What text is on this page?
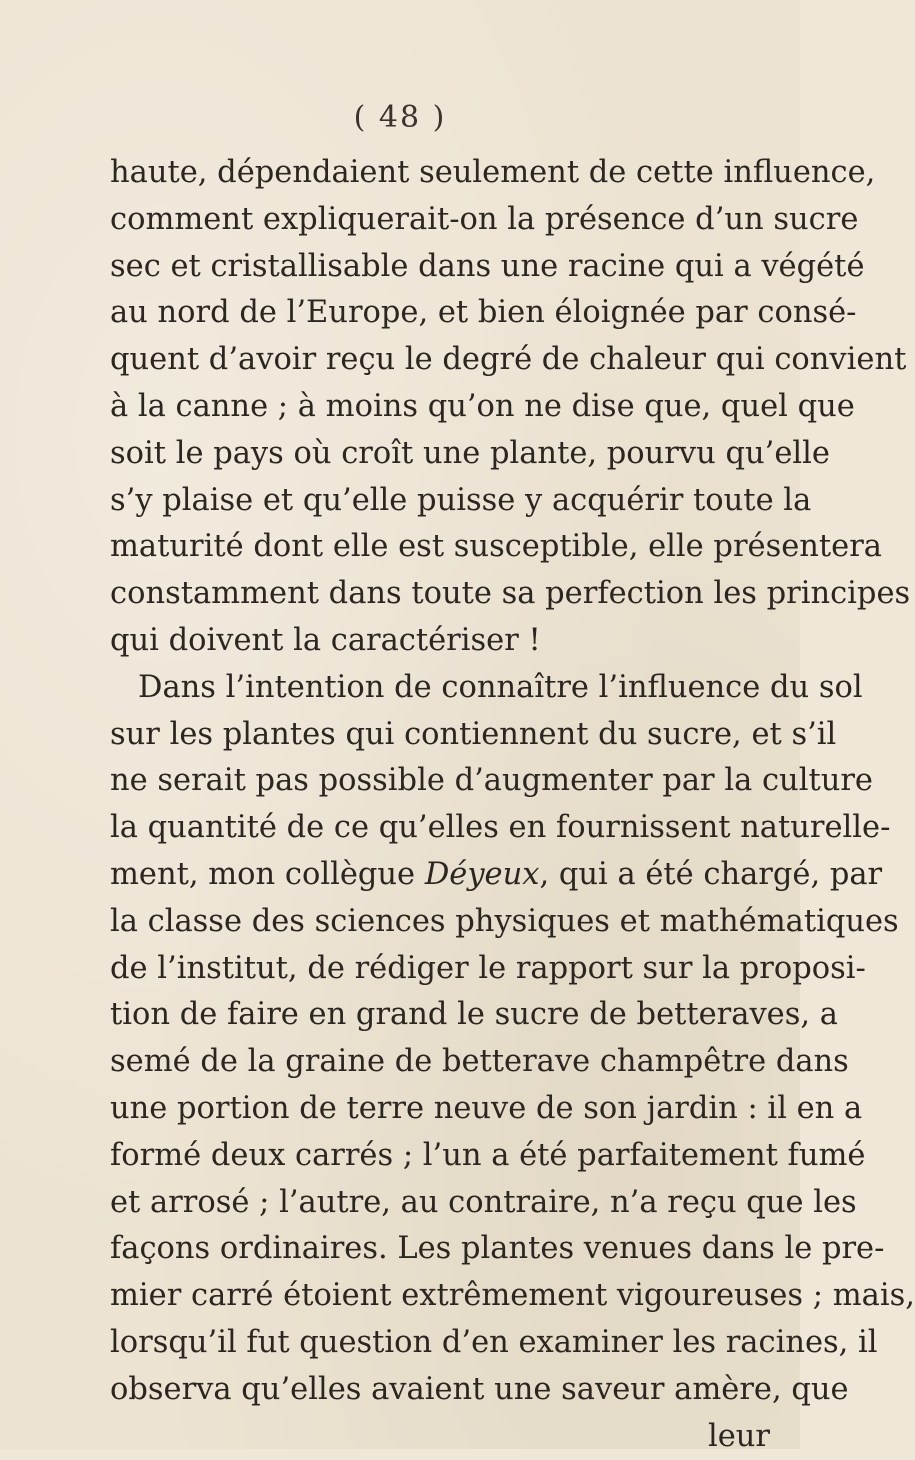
( 48 )
haute, dépendaient seulement de cette influence,
comment expliquerait-on la présence d’un sucre
sec et cristallisable dans une racine qui a végété
au nord de l’Europe, et bien éloignée par consé-
quent d’avoir reçu le degré de chaleur qui convient
à la canne ; à moins qu’on ne dise que, quel que
soit le pays où croît une plante, pourvu qu’elle
s’y plaise et qu’elle puisse y acquérir toute la
maturité dont elle est susceptible, elle présentera
constamment dans toute sa perfection les principes
qui doivent la caractériser !
Dans l’intention de connaître l’influence du sol
sur les plantes qui contiennent du sucre, et s’il
ne serait pas possible d’augmenter par la culture
la quantité de ce qu’elles en fournissent naturelle-
ment, mon collègue Déyeux, qui a été chargé, par
la classe des sciences physiques et mathématiques
de l’institut, de rédiger le rapport sur la proposi-
tion de faire en grand le sucre de betteraves, a
semé de la graine de betterave champêtre dans
une portion de terre neuve de son jardin : il en a
formé deux carrés ; l’un a été parfaitement fumé
et arrosé ; l’autre, au contraire, n’a reçu que les
façons ordinaires. Les plantes venues dans le pre-
mier carré étoient extrêmement vigoureuses ; mais,
lorsqu’il fut question d’en examiner les racines, il
observa qu’elles avaient une saveur amère, que
leur
